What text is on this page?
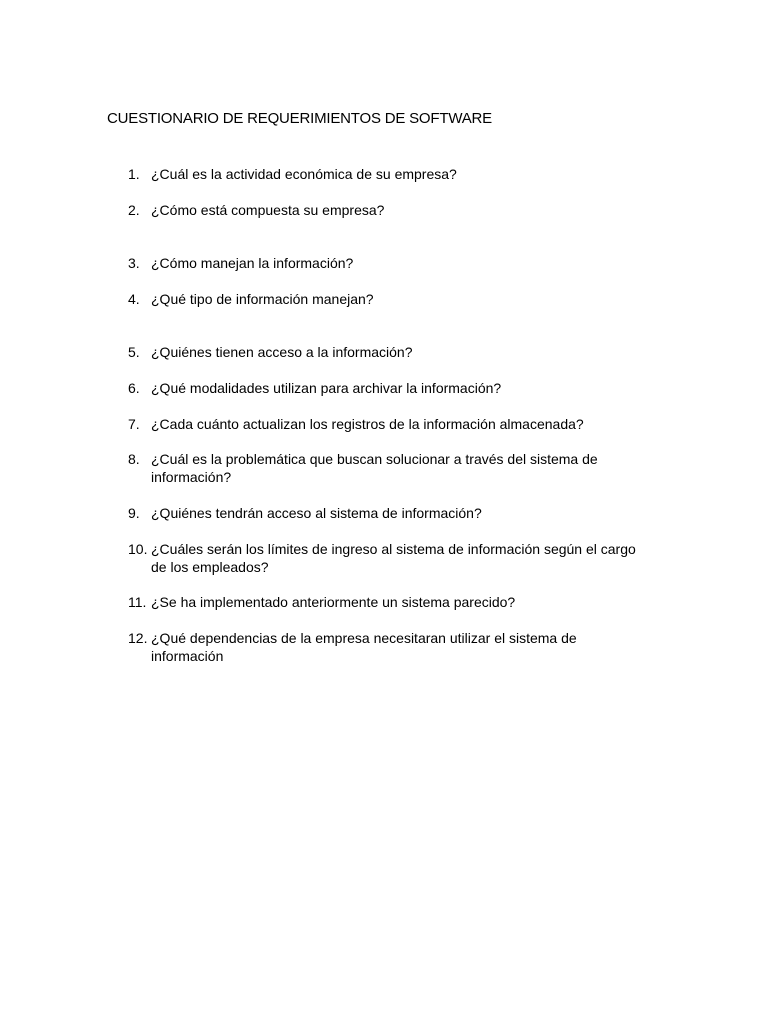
CUESTIONARIO DE REQUERIMIENTOS DE SOFTWARE
1. ¿Cuál es la actividad económica de su empresa?
2. ¿Cómo está compuesta su empresa?
3. ¿Cómo manejan la información?
4. ¿Qué tipo de información manejan?
5. ¿Quiénes tienen acceso a la información?
6. ¿Qué modalidades utilizan para archivar la información?
7. ¿Cada cuánto actualizan los registros de la información almacenada?
8. ¿Cuál es la problemática que buscan solucionar a través del sistema de información?
9. ¿Quiénes tendrán acceso al sistema de información?
10. ¿Cuáles serán los límites de ingreso al sistema de información según el cargo de los empleados?
11. ¿Se ha implementado anteriormente un sistema parecido?
12. ¿Qué dependencias de la empresa necesitaran utilizar el sistema de información
